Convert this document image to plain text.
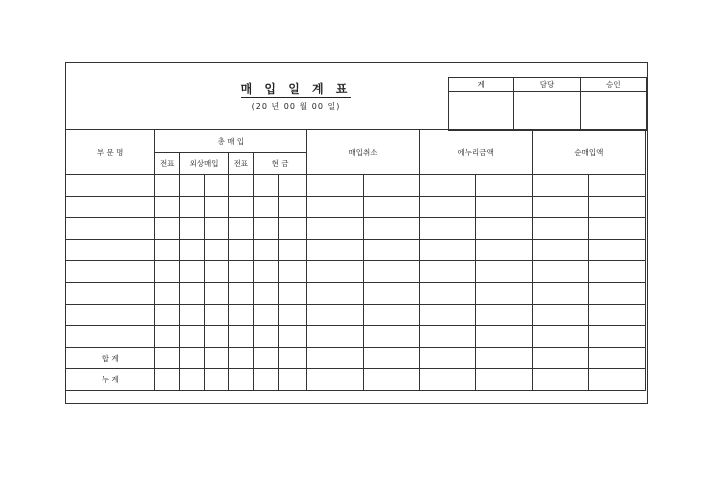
매 입 일 계 표
(20 년 00 월 00 일)
계	담당	승인

부 문 명	총 매 입						매입취소		에누리금액		순매입액	
	전표	외상매입		전표	현 금							

합 계												
누 계												
